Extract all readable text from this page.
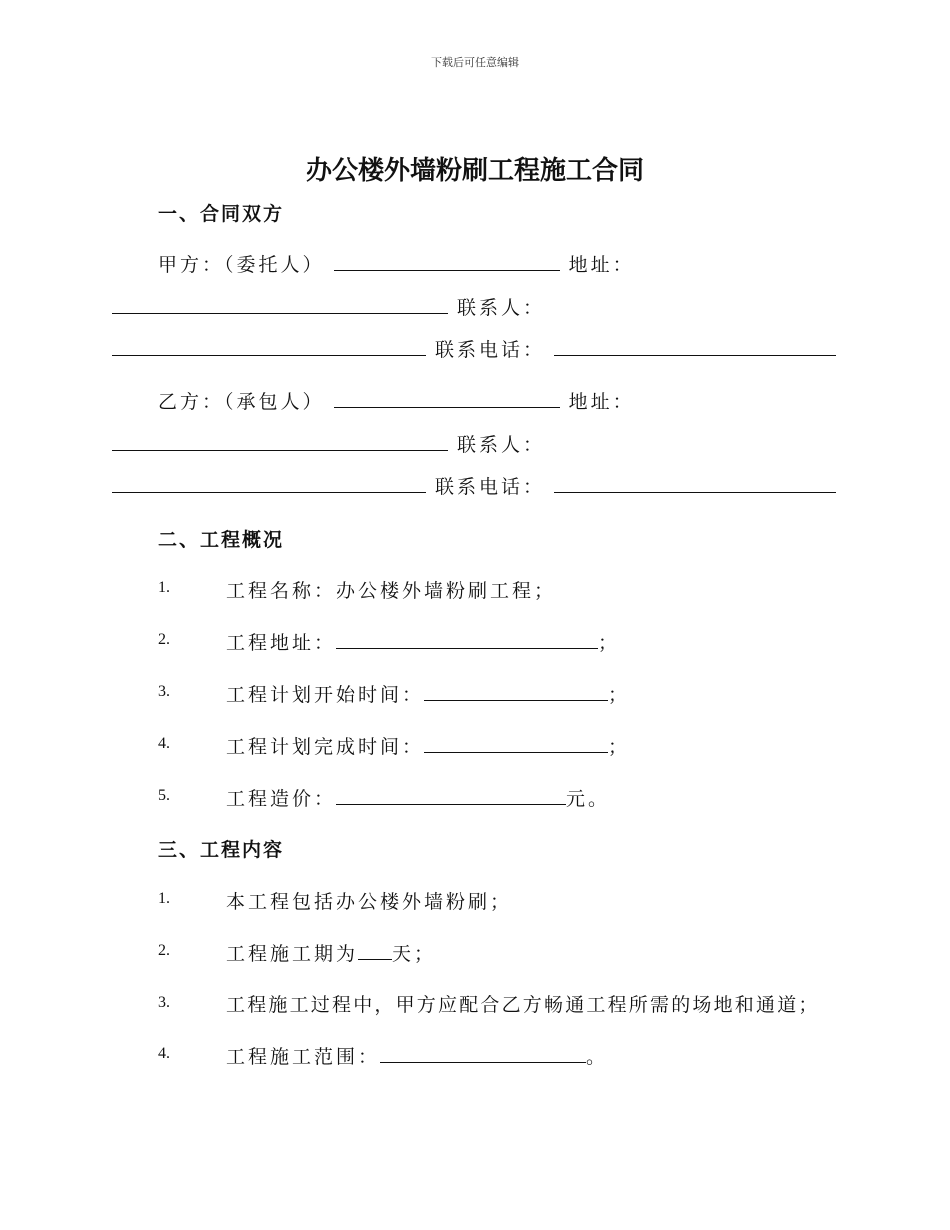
下载后可任意编辑
办公楼外墙粉刷工程施工合同
一、合同双方
甲方：（委托人）	地址：
联系人：
联系电话：
乙方：（承包人）	地址：
联系人：
联系电话：
二、工程概况
1.	工程名称：办公楼外墙粉刷工程；
2.	工程地址：	；
3.	工程计划开始时间：	；
4.	工程计划完成时间：	；
5.	工程造价：	元。
三、工程内容
1.	本工程包括办公楼外墙粉刷；
2.	工程施工期为 天；
3.	工程施工过程中，甲方应配合乙方畅通工程所需的场地和通道；
4.	工程施工范围：	。
